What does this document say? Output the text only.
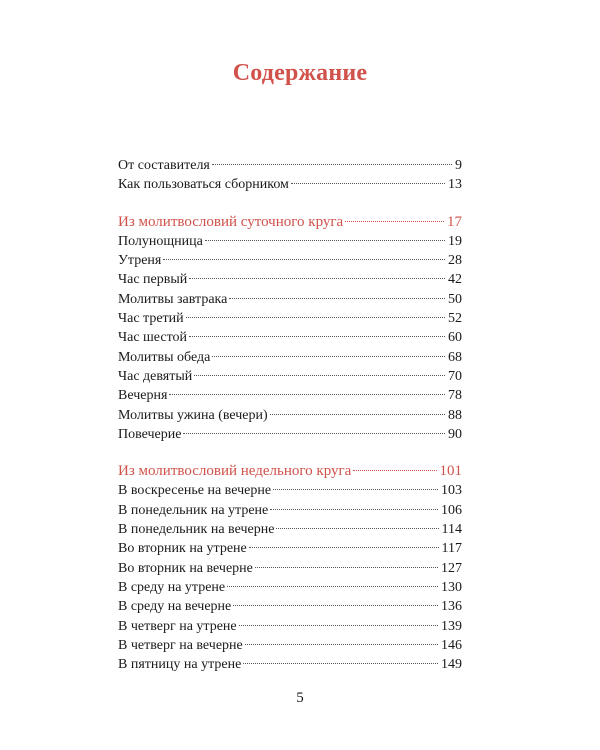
Содержание
От составителя	9
Как пользоваться сборником	13
Из молитвословий суточного круга	17
Полунощница	19
Утреня	28
Час первый	42
Молитвы завтрака	50
Час третий	52
Час шестой	60
Молитвы обеда	68
Час девятый	70
Вечерня	78
Молитвы ужина (вечери)	88
Повечерие	90
Из молитвословий недельного круга	101
В воскресенье на вечерне	103
В понедельник на утрене	106
В понедельник на вечерне	114
Во вторник на утрене	117
Во вторник на вечерне	127
В среду на утрене	130
В среду на вечерне	136
В четверг на утрене	139
В четверг на вечерне	146
В пятницу на утрене	149
5
